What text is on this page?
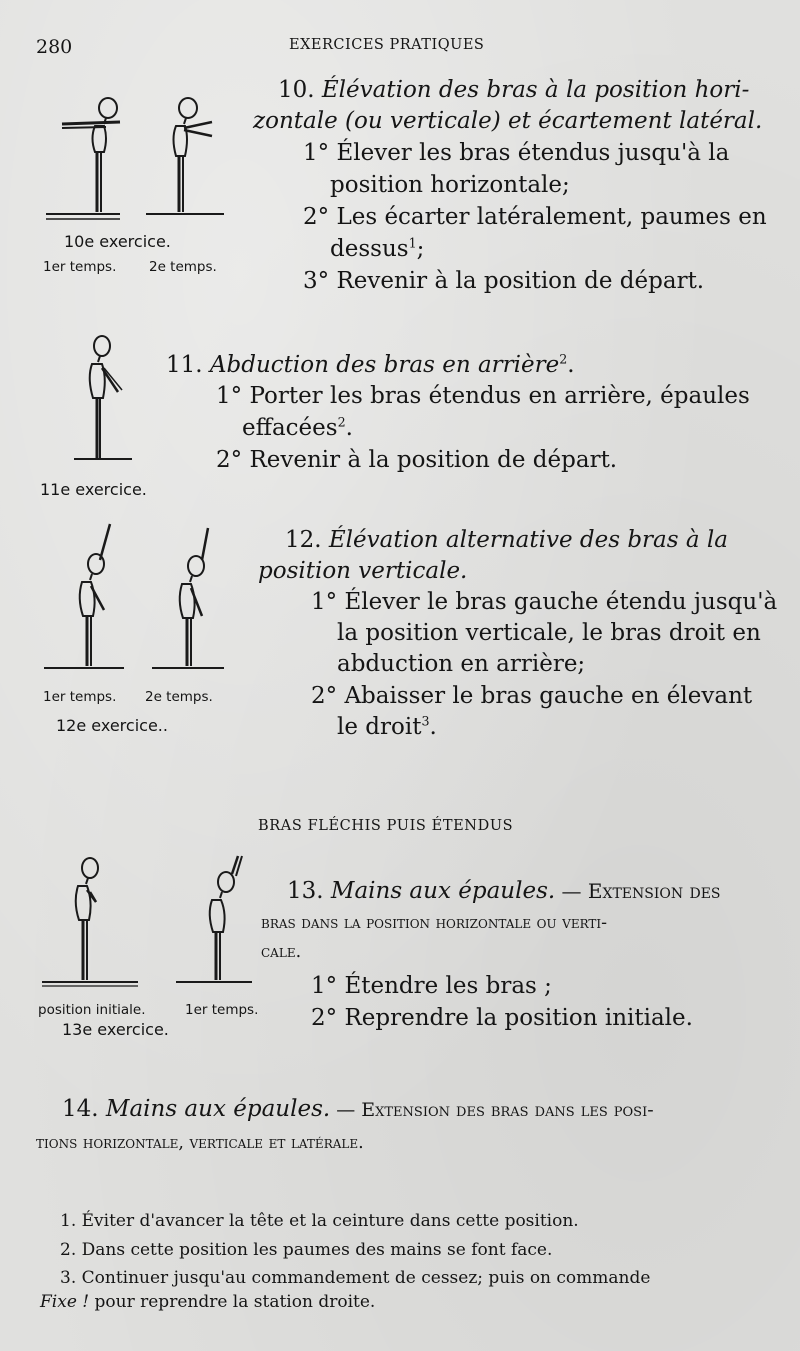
280	EXERCICES PRATIQUES
10e exercice.
1er temps. 2e temps.
10. Élévation des bras à la position hori-
zontale (ou verticale) et écartement latéral.
1° Élever les bras étendus jusqu'à la
position horizontale;
2° Les écarter latéralement, paumes en
dessus$^1$;
3° Revenir à la position de départ.
11e exercice.
11. Abduction des bras en arrière$^2$.
1° Porter les bras étendus en arrière, épaules
effacées$^2$.
2° Revenir à la position de départ.
1er temps. 2e temps.
12e exercice..
12. Élévation alternative des bras à la
position verticale.
1° Élever le bras gauche étendu jusqu'à
la position verticale, le bras droit en
abduction en arrière;
2° Abaisser le bras gauche en élevant
le droit$^3$.
BRAS FLÉCHIS PUIS ÉTENDUS
position initiale.	1er temps.
13e exercice.
13. Mains aux épaules. — Extension des
bras dans la position horizontale ou verti-
cale.
1° Étendre les bras ;
2° Reprendre la position initiale.
14. Mains aux épaules. — Extension des bras dans les posi-
tions horizontale, verticale et latérale.
1. Éviter d'avancer la tête et la ceinture dans cette position.
2. Dans cette position les paumes des mains se font face.
3. Continuer jusqu'au commandement de cessez; puis on commande
Fixe ! pour reprendre la station droite.
